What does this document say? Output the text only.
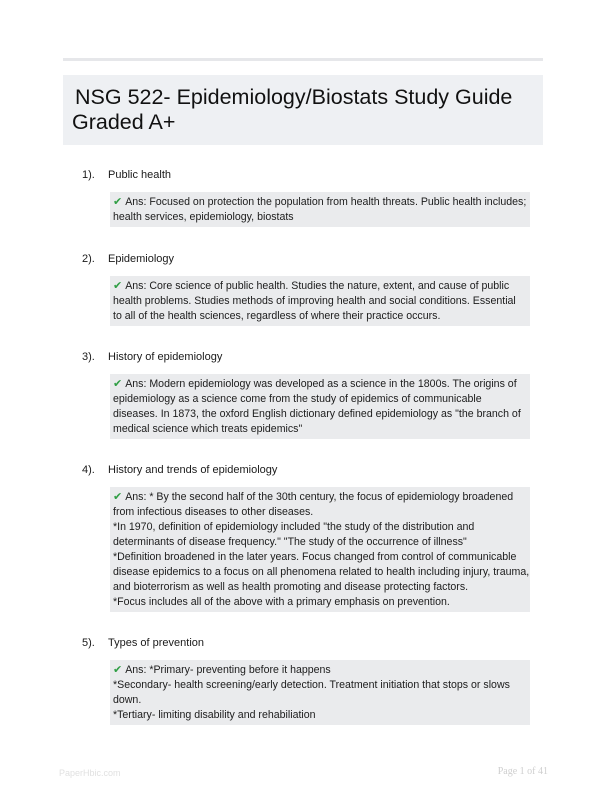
NSG 522- Epidemiology/Biostats Study Guide
Graded A+
1).	Public health
✔ Ans: Focused on protection the population from health threats. Public health includes;
health services, epidemiology, biostats
2).	Epidemiology
✔ Ans: Core science of public health. Studies the nature, extent, and cause of public
health problems. Studies methods of improving health and social conditions. Essential
to all of the health sciences, regardless of where their practice occurs.
3).	History of epidemiology
✔ Ans: Modern epidemiology was developed as a science in the 1800s. The origins of
epidemiology as a science come from the study of epidemics of communicable
diseases. In 1873, the oxford English dictionary defined epidemiology as "the branch of
medical science which treats epidemics"
4).	History and trends of epidemiology
✔ Ans: * By the second half of the 30th century, the focus of epidemiology broadened
from infectious diseases to other diseases.
*In 1970, definition of epidemiology included "the study of the distribution and
determinants of disease frequency." "The study of the occurrence of illness"
*Definition broadened in the later years. Focus changed from control of communicable
disease epidemics to a focus on all phenomena related to health including injury, trauma,
and bioterrorism as well as health promoting and disease protecting factors.
*Focus includes all of the above with a primary emphasis on prevention.
5).	Types of prevention
✔ Ans: *Primary- preventing before it happens
*Secondary- health screening/early detection. Treatment initiation that stops or slows
down.
*Tertiary- limiting disability and rehabiliation
PaperHbic.com	Page 1 of 41
